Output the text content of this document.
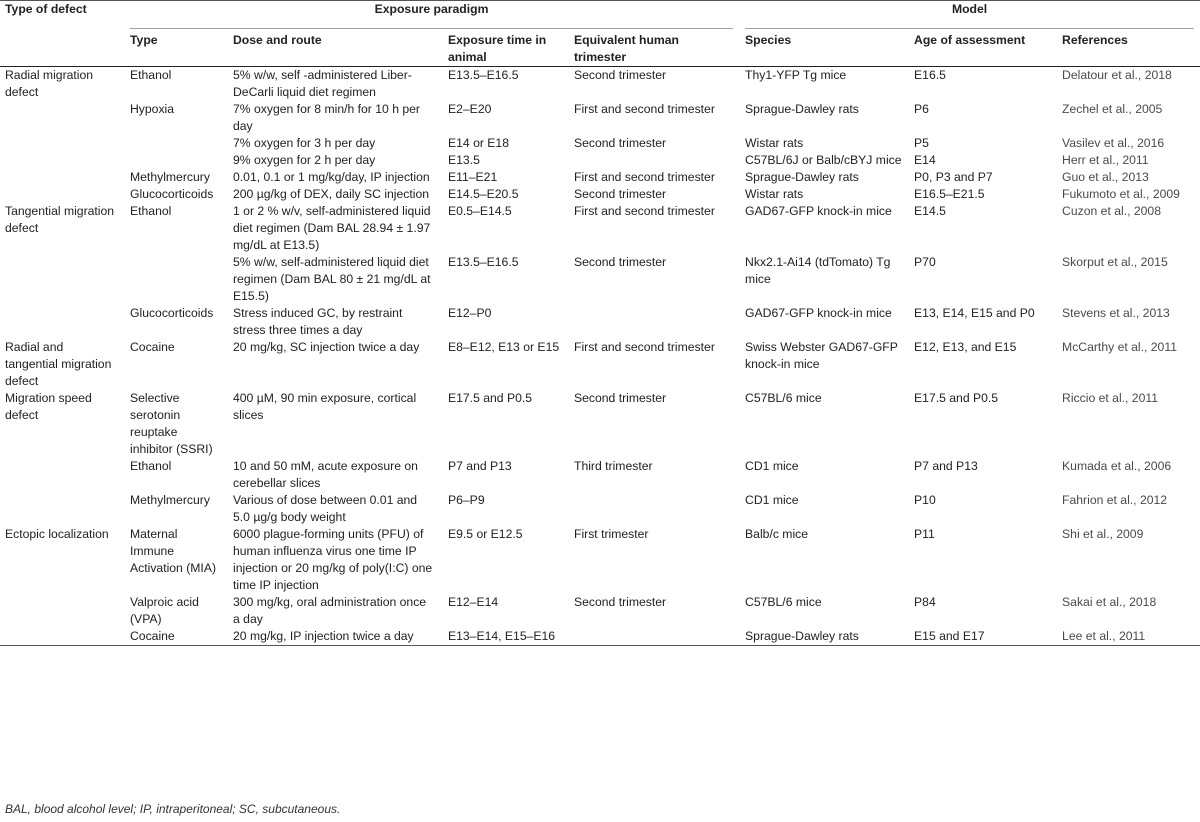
Type of defect	Exposure paradigm				Model		

	Type	Dose and route	Exposure time in animal	Equivalent human trimester	Species	Age of assessment	References
Radial migration defect	Ethanol	5% w/w, self -administered Liber-DeCarli liquid diet regimen	E13.5–E16.5	Second trimester	Thy1-YFP Tg mice	E16.5	Delatour et al., 2018
	Hypoxia	7% oxygen for 8 min/h for 10 h per day	E2–E20	First and second trimester	Sprague-Dawley rats	P6	Zechel et al., 2005
		7% oxygen for 3 h per day	E14 or E18	Second trimester	Wistar rats	P5	Vasilev et al., 2016
		9% oxygen for 2 h per day	E13.5		C57BL/6J or Balb/cBYJ mice	E14	Herr et al., 2011
	Methylmercury	0.01, 0.1 or 1 mg/kg/day, IP injection	E11–E21	First and second trimester	Sprague-Dawley rats	P0, P3 and P7	Guo et al., 2013
	Glucocorticoids	200 µg/kg of DEX, daily SC injection	E14.5–E20.5	Second trimester	Wistar rats	E16.5–E21.5	Fukumoto et al., 2009
Tangential migration defect	Ethanol	1 or 2 % w/v, self-administered liquid diet regimen (Dam BAL 28.94 ± 1.97 mg/dL at E13.5)	E0.5–E14.5	First and second trimester	GAD67-GFP knock-in mice	E14.5	Cuzon et al., 2008
		5% w/w, self-administered liquid diet regimen (Dam BAL 80 ± 21 mg/dL at E15.5)	E13.5–E16.5	Second trimester	Nkx2.1-Ai14 (tdTomato) Tg mice	P70	Skorput et al., 2015
	Glucocorticoids	Stress induced GC, by restraint stress three times a day	E12–P0		GAD67-GFP knock-in mice	E13, E14, E15 and P0	Stevens et al., 2013
Radial and tangential migration defect	Cocaine	20 mg/kg, SC injection twice a day	E8–E12, E13 or E15	First and second trimester	Swiss Webster GAD67-GFP knock-in mice	E12, E13, and E15	McCarthy et al., 2011
Migration speed defect	Selective serotonin reuptake inhibitor (SSRI)	400 µM, 90 min exposure, cortical slices	E17.5 and P0.5	Second trimester	C57BL/6 mice	E17.5 and P0.5	Riccio et al., 2011
	Ethanol	10 and 50 mM, acute exposure on cerebellar slices	P7 and P13	Third trimester	CD1 mice	P7 and P13	Kumada et al., 2006
	Methylmercury	Various of dose between 0.01 and 5.0 µg/g body weight	P6–P9		CD1 mice	P10	Fahrion et al., 2012
Ectopic localization	Maternal Immune Activation (MIA)	6000 plague-forming units (PFU) of human influenza virus one time IP injection or 20 mg/kg of poly(I:C) one time IP injection	E9.5 or E12.5	First trimester	Balb/c mice	P11	Shi et al., 2009
	Valproic acid (VPA)	300 mg/kg, oral administration once a day	E12–E14	Second trimester	C57BL/6 mice	P84	Sakai et al., 2018
	Cocaine	20 mg/kg, IP injection twice a day	E13–E14, E15–E16		Sprague-Dawley rats	E15 and E17	Lee et al., 2011
BAL, blood alcohol level; IP, intraperitoneal; SC, subcutaneous.
